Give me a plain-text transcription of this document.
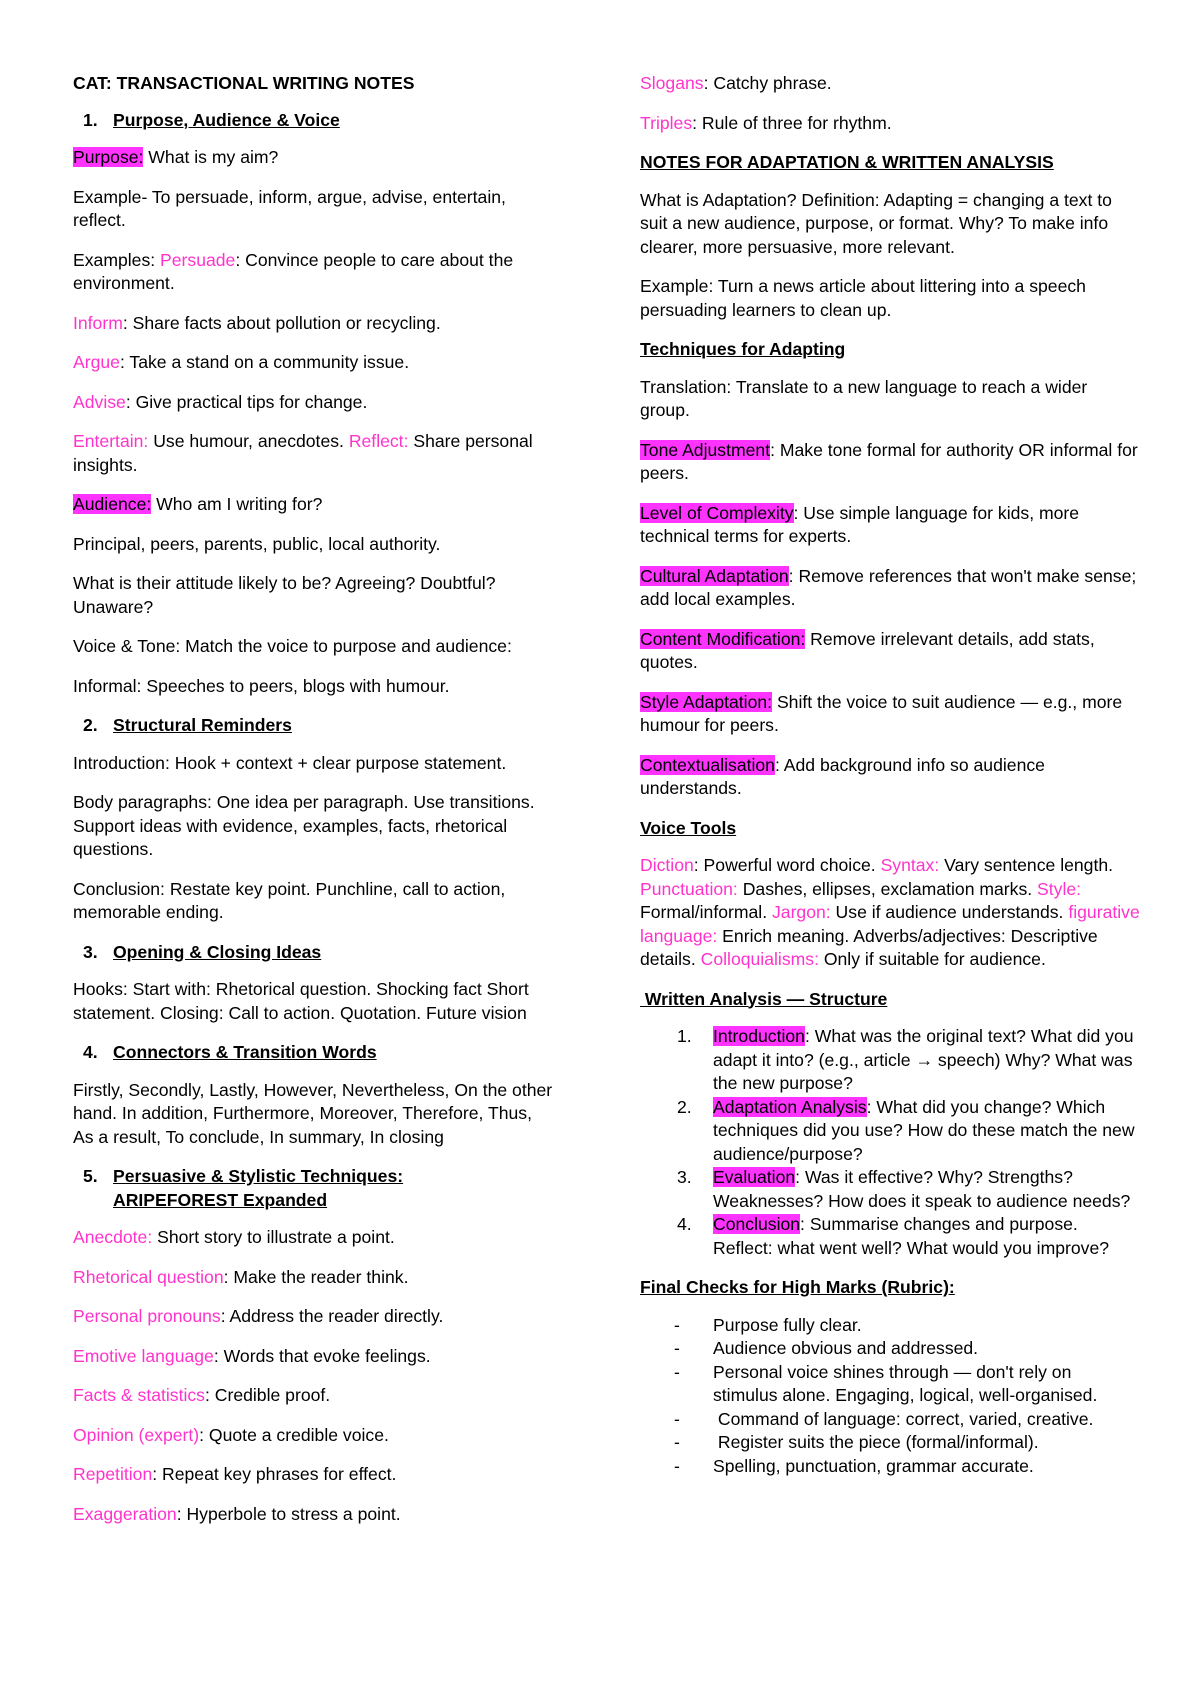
CAT: TRANSACTIONAL WRITING NOTES
1. Purpose, Audience & Voice
Purpose: What is my aim?
Example- To persuade, inform, argue, advise, entertain, reflect.
Examples: Persuade: Convince people to care about the environment.
Inform: Share facts about pollution or recycling.
Argue: Take a stand on a community issue.
Advise: Give practical tips for change.
Entertain: Use humour, anecdotes. Reflect: Share personal insights.
Audience: Who am I writing for?
Principal, peers, parents, public, local authority.
What is their attitude likely to be? Agreeing? Doubtful? Unaware?
Voice & Tone: Match the voice to purpose and audience:
Informal: Speeches to peers, blogs with humour.
2. Structural Reminders
Introduction: Hook + context + clear purpose statement.
Body paragraphs: One idea per paragraph. Use transitions. Support ideas with evidence, examples, facts, rhetorical questions.
Conclusion: Restate key point. Punchline, call to action, memorable ending.
3. Opening & Closing Ideas
Hooks: Start with: Rhetorical question. Shocking fact Short statement. Closing: Call to action. Quotation. Future vision
4. Connectors & Transition Words
Firstly, Secondly, Lastly, However, Nevertheless, On the other hand. In addition, Furthermore, Moreover, Therefore, Thus, As a result, To conclude, In summary, In closing
5. Persuasive & Stylistic Techniques:
ARIPEFOREST Expanded
Anecdote: Short story to illustrate a point.
Rhetorical question: Make the reader think.
Personal pronouns: Address the reader directly.
Emotive language: Words that evoke feelings.
Facts & statistics: Credible proof.
Opinion (expert): Quote a credible voice.
Repetition: Repeat key phrases for effect.
Exaggeration: Hyperbole to stress a point.
Slogans: Catchy phrase.
Triples: Rule of three for rhythm.
NOTES FOR ADAPTATION & WRITTEN ANALYSIS
What is Adaptation? Definition: Adapting = changing a text to suit a new audience, purpose, or format. Why? To make info clearer, more persuasive, more relevant.
Example: Turn a news article about littering into a speech persuading learners to clean up.
Techniques for Adapting
Translation: Translate to a new language to reach a wider group.
Tone Adjustment: Make tone formal for authority OR informal for peers.
Level of Complexity: Use simple language for kids, more technical terms for experts.
Cultural Adaptation: Remove references that won't make sense; add local examples.
Content Modification: Remove irrelevant details, add stats, quotes.
Style Adaptation: Shift the voice to suit audience — e.g., more humour for peers.
Contextualisation: Add background info so audience understands.
Voice Tools
Diction: Powerful word choice. Syntax: Vary sentence length. Punctuation: Dashes, ellipses, exclamation marks. Style: Formal/informal. Jargon: Use if audience understands. figurative language: Enrich meaning. Adverbs/adjectives: Descriptive details. Colloquialisms: Only if suitable for audience.
Written Analysis — Structure
1.	Introduction: What was the original text? What did you adapt it into? (e.g., article → speech) Why? What was the new purpose?
2.	Adaptation Analysis: What did you change? Which techniques did you use? How do these match the new audience/purpose?
3.	Evaluation: Was it effective? Why? Strengths? Weaknesses? How does it speak to audience needs?
4.	Conclusion: Summarise changes and purpose. Reflect: what went well? What would you improve?
Final Checks for High Marks (Rubric):
-	Purpose fully clear.
-	Audience obvious and addressed.
-	Personal voice shines through — don't rely on stimulus alone. Engaging, logical, well-organised.
-	Command of language: correct, varied, creative.
-	Register suits the piece (formal/informal).
-	Spelling, punctuation, grammar accurate.
